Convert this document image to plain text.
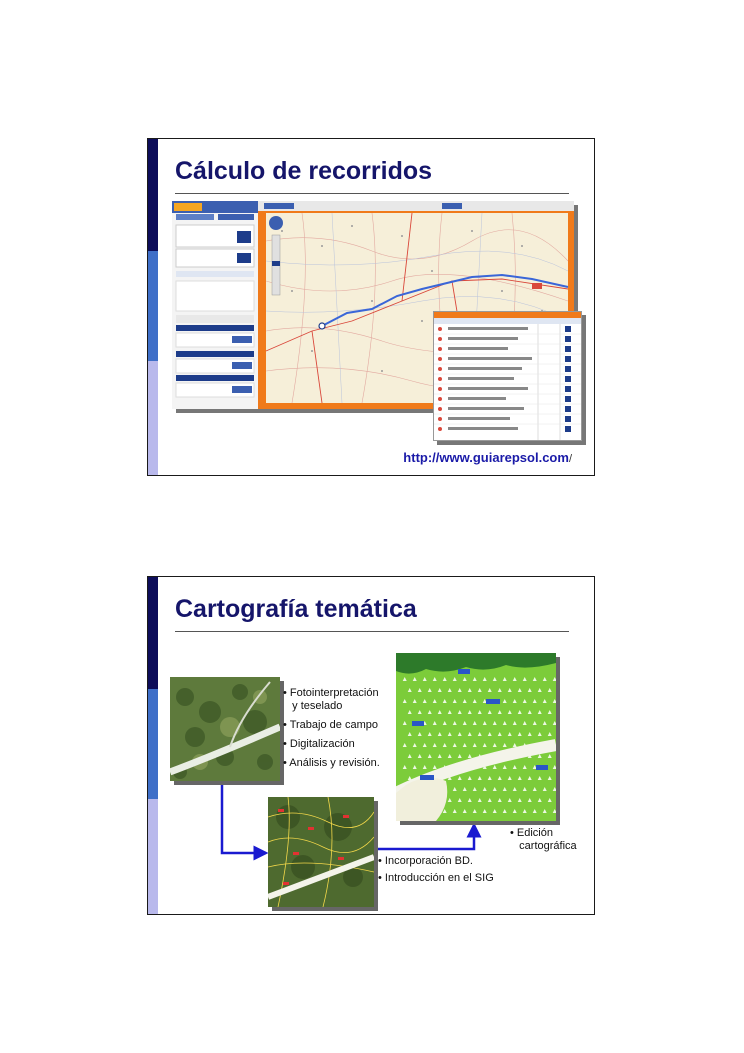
Cálculo de recorridos
http://www.guiarepsol.com/
Cartografía temática
• Fotointerpretación
y teselado
• Trabajo de campo
• Digitalización
• Análisis y revisión.
• Incorporación BD.
• Introducción en el SIG
• Edición
cartográfica
